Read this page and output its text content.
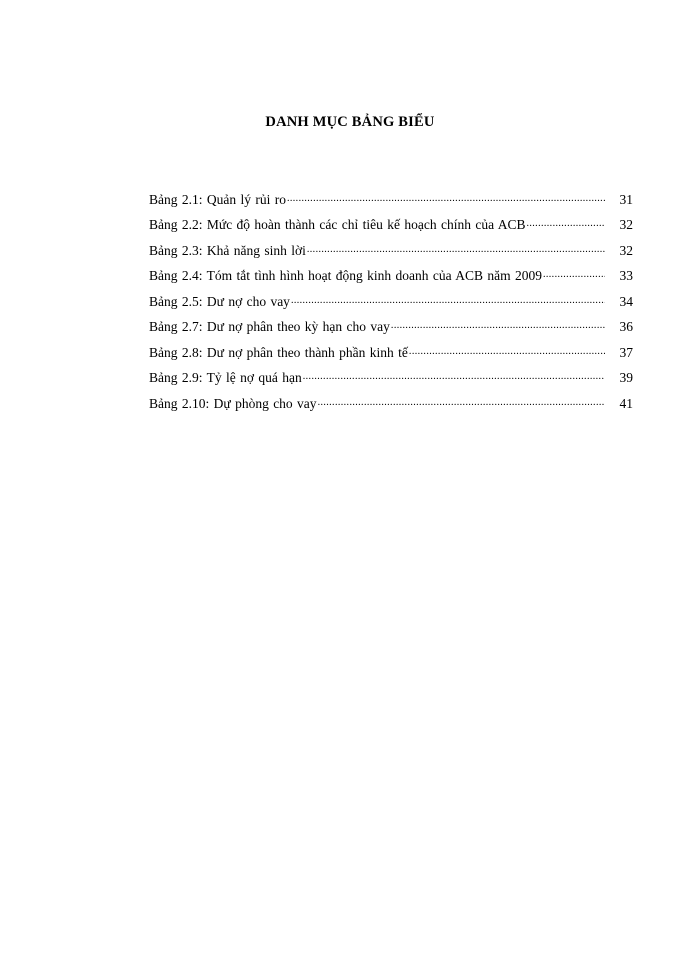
DANH MỤC BẢNG BIỂU
Bảng 2.1: Quản lý rủi ro .....	31
Bảng 2.2: Mức độ hoàn thành các chỉ tiêu kế hoạch chính của ACB .....	32
Bảng 2.3: Khả năng sinh lời .....	32
Bảng 2.4: Tóm tắt tình hình hoạt động kinh doanh của ACB năm 2009 .....	33
Bảng 2.5: Dư nợ cho vay .....	34
Bảng 2.7: Dư nợ phân theo kỳ hạn cho vay .....	36
Bảng 2.8: Dư nợ phân theo thành phần kinh tế .....	37
Bảng 2.9: Tỷ lệ nợ quá hạn .....	39
Bảng 2.10: Dự phòng cho vay .....	41
